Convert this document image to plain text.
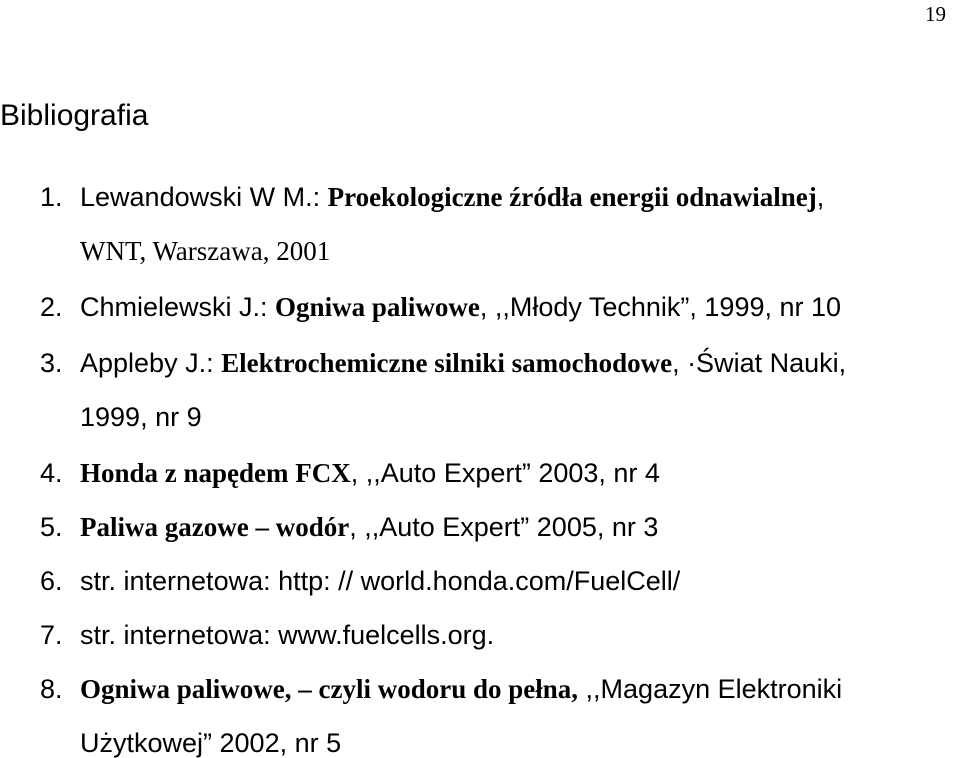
19
Bibliografia
1. Lewandowski W M.: Proekologiczne źródła energii odnawialnej,
WNT, Warszawa, 2001
2. Chmielewski J.: Ogniwa paliwowe, ,,Młody Technik”, 1999, nr 10
3. Appleby J.: Elektrochemiczne silniki samochodowe, ·Świat Nauki,
1999, nr 9
4. Honda z napędem FCX, ,,Auto Expert” 2003, nr 4
5. Paliwa gazowe – wodór, ,,Auto Expert” 2005, nr 3
6. str. internetowa: http: // world.honda.com/FuelCell/
7. str. internetowa: www.fuelcells.org.
8. Ogniwa paliwowe, – czyli wodoru do pełna, ,,Magazyn Elektroniki
Użytkowej” 2002, nr 5
